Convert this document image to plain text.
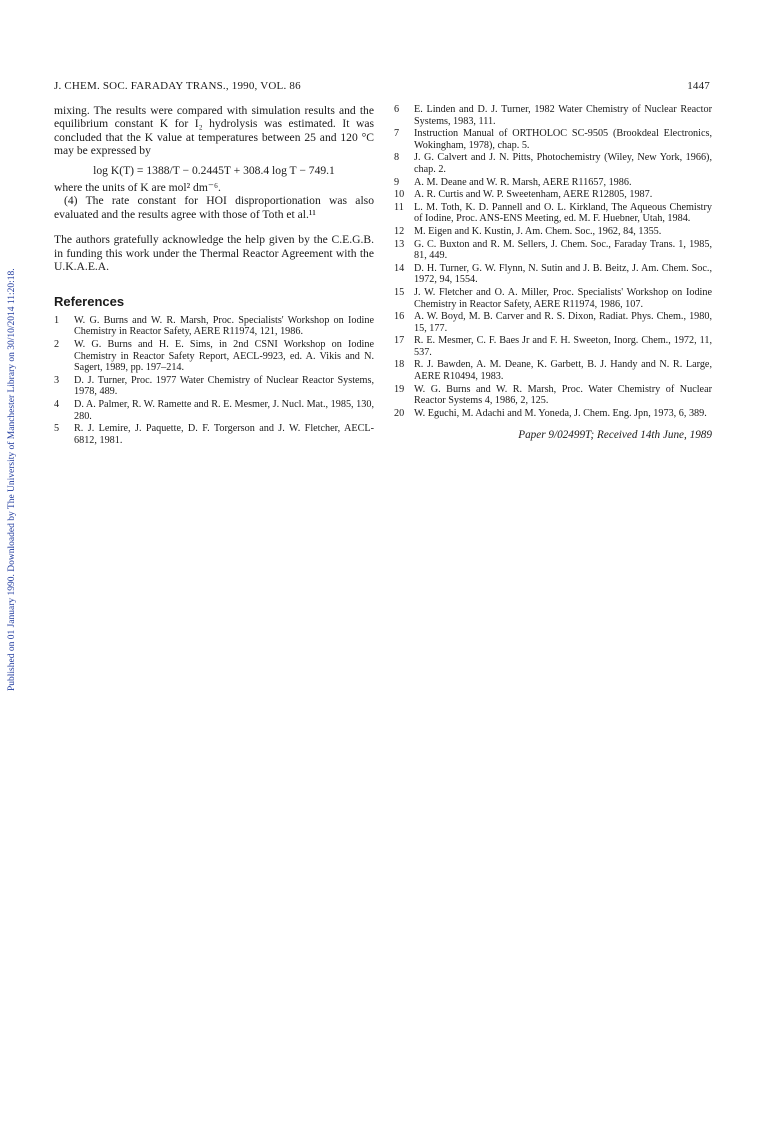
J. CHEM. SOC. FARADAY TRANS., 1990, VOL. 86	1447
Published on 01 January 1990. Downloaded by The University of Manchester Library on 30/10/2014 11:20:18.

mixing. The results were compared with simulation results and the equilibrium constant K for I₂ hydrolysis was estimated. It was concluded that the K value at temperatures between 25 and 120 °C may be expressed by

log K(T) = 1388/T − 0.2445T + 308.4 log T − 749.1

where the units of K are mol² dm⁻⁶.

(4) The rate constant for HOI disproportionation was also evaluated and the results agree with those of Toth et al.¹¹

The authors gratefully acknowledge the help given by the C.E.G.B. in funding this work under the Thermal Reactor Agreement with the U.K.A.E.A.

References
1	W. G. Burns and W. R. Marsh, Proc. Specialists' Workshop on Iodine Chemistry in Reactor Safety, AERE R11974, 121, 1986.
2	W. G. Burns and H. E. Sims, in 2nd CSNI Workshop on Iodine Chemistry in Reactor Safety Report, AECL-9923, ed. A. Vikis and N. Sagert, 1989, pp. 197–214.
3	D. J. Turner, Proc. 1977 Water Chemistry of Nuclear Reactor Systems, 1978, 489.
4	D. A. Palmer, R. W. Ramette and R. E. Mesmer, J. Nucl. Mat., 1985, 130, 280.
5	R. J. Lemire, J. Paquette, D. F. Torgerson and J. W. Fletcher, AECL-6812, 1981.
6	E. Linden and D. J. Turner, 1982 Water Chemistry of Nuclear Reactor Systems, 1983, 111.
7	Instruction Manual of ORTHOLOC SC-9505 (Brookdeal Electronics, Wokingham, 1978), chap. 5.
8	J. G. Calvert and J. N. Pitts, Photochemistry (Wiley, New York, 1966), chap. 2.
9	A. M. Deane and W. R. Marsh, AERE R11657, 1986.
10 A. R. Curtis and W. P. Sweetenham, AERE R12805, 1987.
11 L. M. Toth, K. D. Pannell and O. L. Kirkland, The Aqueous Chemistry of Iodine, Proc. ANS-ENS Meeting, ed. M. F. Huebner, Utah, 1984.
12 M. Eigen and K. Kustin, J. Am. Chem. Soc., 1962, 84, 1355.
13 G. C. Buxton and R. M. Sellers, J. Chem. Soc., Faraday Trans. 1, 1985, 81, 449.
14 D. H. Turner, G. W. Flynn, N. Sutin and J. B. Beitz, J. Am. Chem. Soc., 1972, 94, 1554.
15 J. W. Fletcher and O. A. Miller, Proc. Specialists' Workshop on Iodine Chemistry in Reactor Safety, AERE R11974, 1986, 107.
16 A. W. Boyd, M. B. Carver and R. S. Dixon, Radiat. Phys. Chem., 1980, 15, 177.
17 R. E. Mesmer, C. F. Baes Jr and F. H. Sweeton, Inorg. Chem., 1972, 11, 537.
18 R. J. Bawden, A. M. Deane, K. Garbett, B. J. Handy and N. R. Large, AERE R10494, 1983.
19 W. G. Burns and W. R. Marsh, Proc. Water Chemistry of Nuclear Reactor Systems 4, 1986, 2, 125.
20 W. Eguchi, M. Adachi and M. Yoneda, J. Chem. Eng. Jpn, 1973, 6, 389.
Paper 9/02499T; Received 14th June, 1989
